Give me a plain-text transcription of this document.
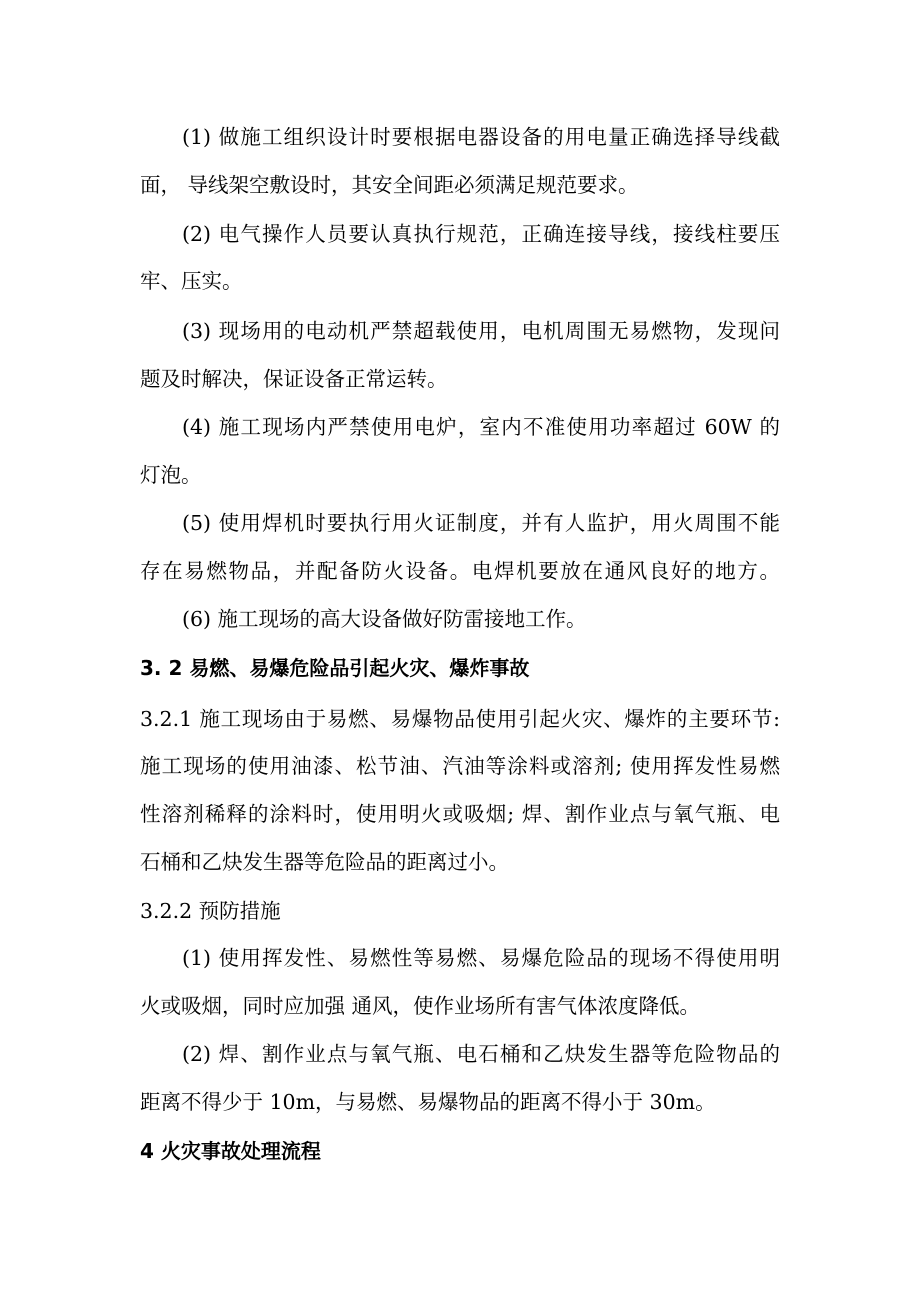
(1) 做施工组织设计时要根据电器设备的用电量正确选择导线截
面， 导线架空敷设时，其安全间距必须满足规范要求。
(2) 电气操作人员要认真执行规范，正确连接导线，接线柱要压
牢、压实。
(3) 现场用的电动机严禁超载使用，电机周围无易燃物，发现问
题及时解决，保证设备正常运转。
(4) 施工现场内严禁使用电炉，室内不准使用功率超过 60W 的
灯泡。
(5) 使用焊机时要执行用火证制度，并有人监护，用火周围不能
存在易燃物品，并配备防火设备。电焊机要放在通风良好的地方。
(6) 施工现场的高大设备做好防雷接地工作。
3. 2 易燃、易爆危险品引起火灾、爆炸事故
3.2.1 施工现场由于易燃、易爆物品使用引起火灾、爆炸的主要环节:
施工现场的使用油漆、松节油、汽油等涂料或溶剂; 使用挥发性易燃
性溶剂稀释的涂料时，使用明火或吸烟; 焊、割作业点与氧气瓶、电
石桶和乙炔发生器等危险品的距离过小。
3.2.2 预防措施
(1) 使用挥发性、易燃性等易燃、易爆危险品的现场不得使用明
火或吸烟，同时应加强 通风，使作业场所有害气体浓度降低。
(2) 焊、割作业点与氧气瓶、电石桶和乙炔发生器等危险物品的
距离不得少于 10m，与易燃、易爆物品的距离不得小于 30m。
4 火灾事故处理流程
